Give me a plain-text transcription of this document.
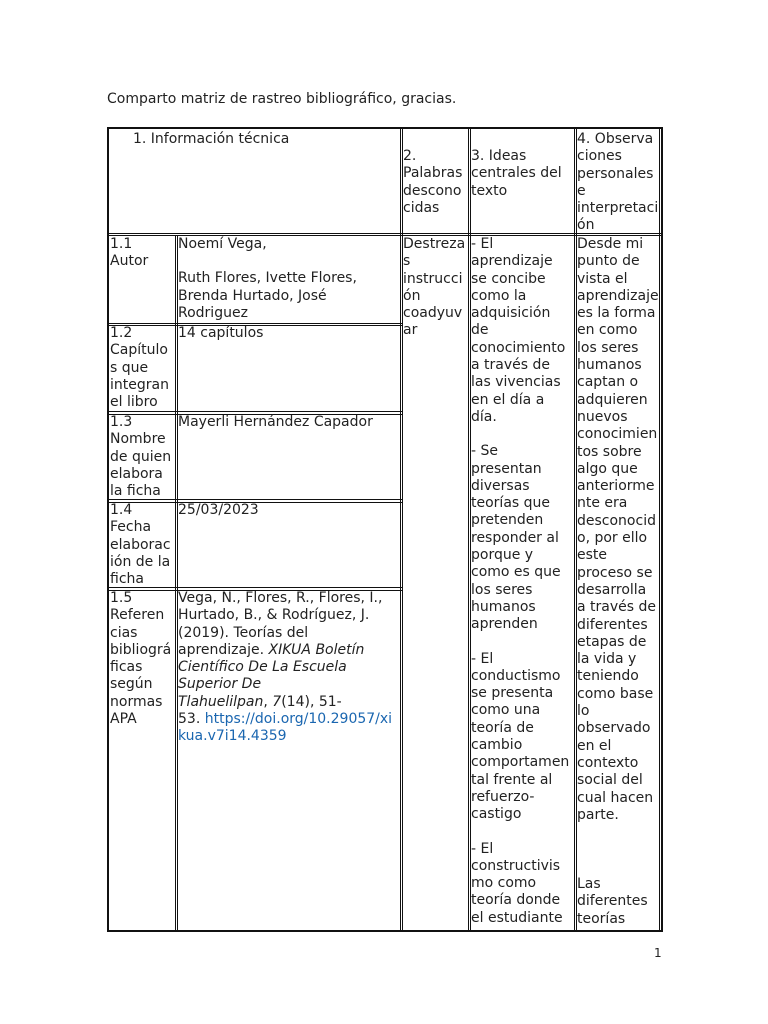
Comparto matriz de rastreo bibliográfico, gracias.
1. Información técnica
2.
Palabras
descono
cidas
3. Ideas
centrales del
texto
4. Observa
ciones
personales
e
interpretaci
ón
1.1
Autor

Noemí Vega,

Ruth Flores, Ivette Flores,
Brenda Hurtado, José
Rodriguez

1.2
Capítulo
s que
integran
el libro
14 capítulos
1.3
Nombre
de quien
elabora
la ficha
Mayerli Hernández Capador
1.4
Fecha
elaborac
ión de la
ficha
25/03/2023
1.5
Referen
cias
bibliográ
ficas
según
normas
APA
Vega, N., Flores, R., Flores, I.,
Hurtado, B., & Rodríguez, J.
(2019). Teorías del
aprendizaje. XIKUA Boletín
Científico De La Escuela
Superior De
Tlahuelilpan, 7(14), 51-
53. https://doi.org/10.29057/xi
kua.v7i14.4359
Destreza
s
instrucci
ón
coadyuv
ar

- El
aprendizaje
se concibe
como la
adquisición
de
conocimiento
a través de
las vivencias
en el día a
día.

- Se
presentan
diversas
teorías que
pretenden
responder al
porque y
como es que
los seres
humanos
aprenden

- El
conductismo
se presenta
como una
teoría de
cambio
comportamen
tal frente al
refuerzo-
castigo

- El
constructivis
mo como
teoría donde
el estudiante

Desde mi
punto de
vista el
aprendizaje
es la forma
en como
los seres
humanos
captan o
adquieren
nuevos
conocimien
tos sobre
algo que
anteriorme
nte era
desconocid
o, por ello
este
proceso se
desarrolla
a través de
diferentes
etapas de
la vida y
teniendo
como base
lo
observado
en el
contexto
social del
cual hacen
parte.

Las
diferentes
teorías

1
